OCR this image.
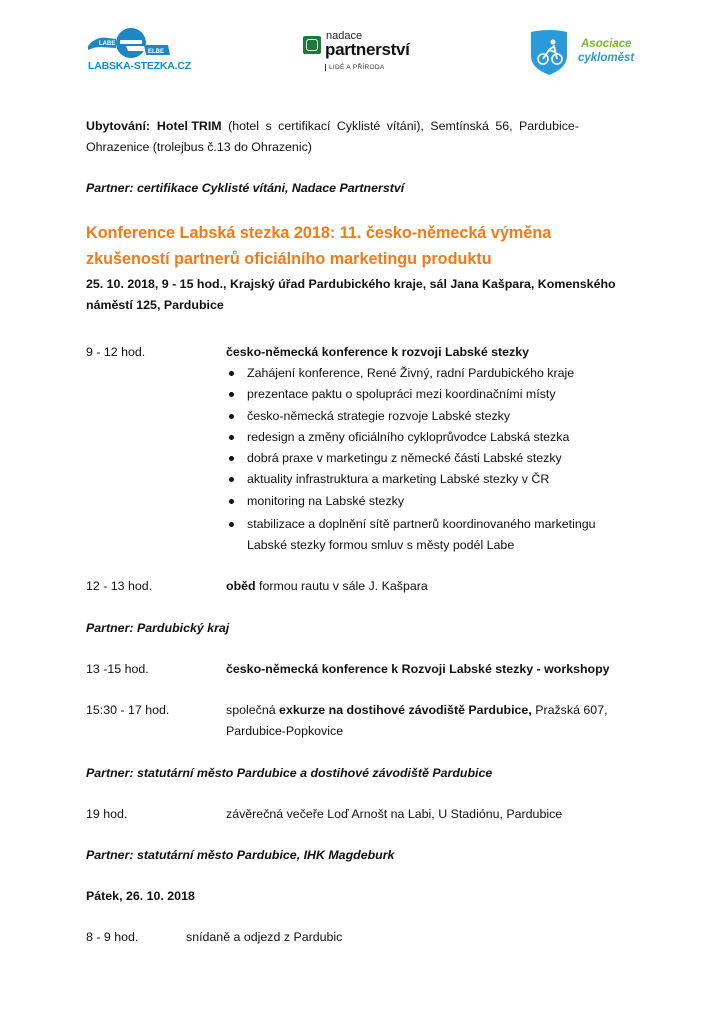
LABE
ELBE
LABSKA-STEZKA.CZ
nadace
partnerství
LIDÉ A PŘÍRODA
Asociace
cykloměst
Ubytování: Hotel TRIM (hotel s certifikací Cyklisté vítáni), Semtínská 56, Pardubice-
Ohrazenice (trolejbus č.13 do Ohrazenic)
Partner: certifikace Cyklisté vítáni, Nadace Partnerství
Konference Labská stezka 2018: 11. česko-německá výměna
zkušeností partnerů oficiálního marketingu produktu
25. 10. 2018, 9 - 15 hod., Krajský úřad Pardubického kraje, sál Jana Kašpara, Komenského
náměstí 125, Pardubice
9 - 12 hod.	česko-německá konference k rozvoji Labské stezky
Zahájení konference, René Živný, radní Pardubického kraje
prezentace paktu o spolupráci mezi koordinačními místy
česko-německá strategie rozvoje Labské stezky
redesign a změny oficiálního cykloprůvodce Labská stezka
dobrá praxe v marketingu z německé části Labské stezky
aktuality infrastruktura a marketing Labské stezky v ČR
monitoring na Labské stezky
stabilizace a doplnění sítě partnerů koordinovaného marketingu
Labské stezky formou smluv s městy podél Labe
12 - 13 hod.	oběd formou rautu v sále J. Kašpara
Partner: Pardubický kraj
13 -15 hod.	česko-německá konference k Rozvoji Labské stezky - workshopy
15:30 - 17 hod.	společná exkurze na dostihové závodiště Pardubice, Pražská 607,
Pardubice-Popkovice
Partner: statutární město Pardubice a dostihové závodiště Pardubice
19 hod.	závěrečná večeře Loď Arnošt na Labi, U Stadiónu, Pardubice
Partner: statutární město Pardubice, IHK Magdeburk
Pátek, 26. 10. 2018
8 - 9 hod.	snídaně a odjezd z Pardubic
